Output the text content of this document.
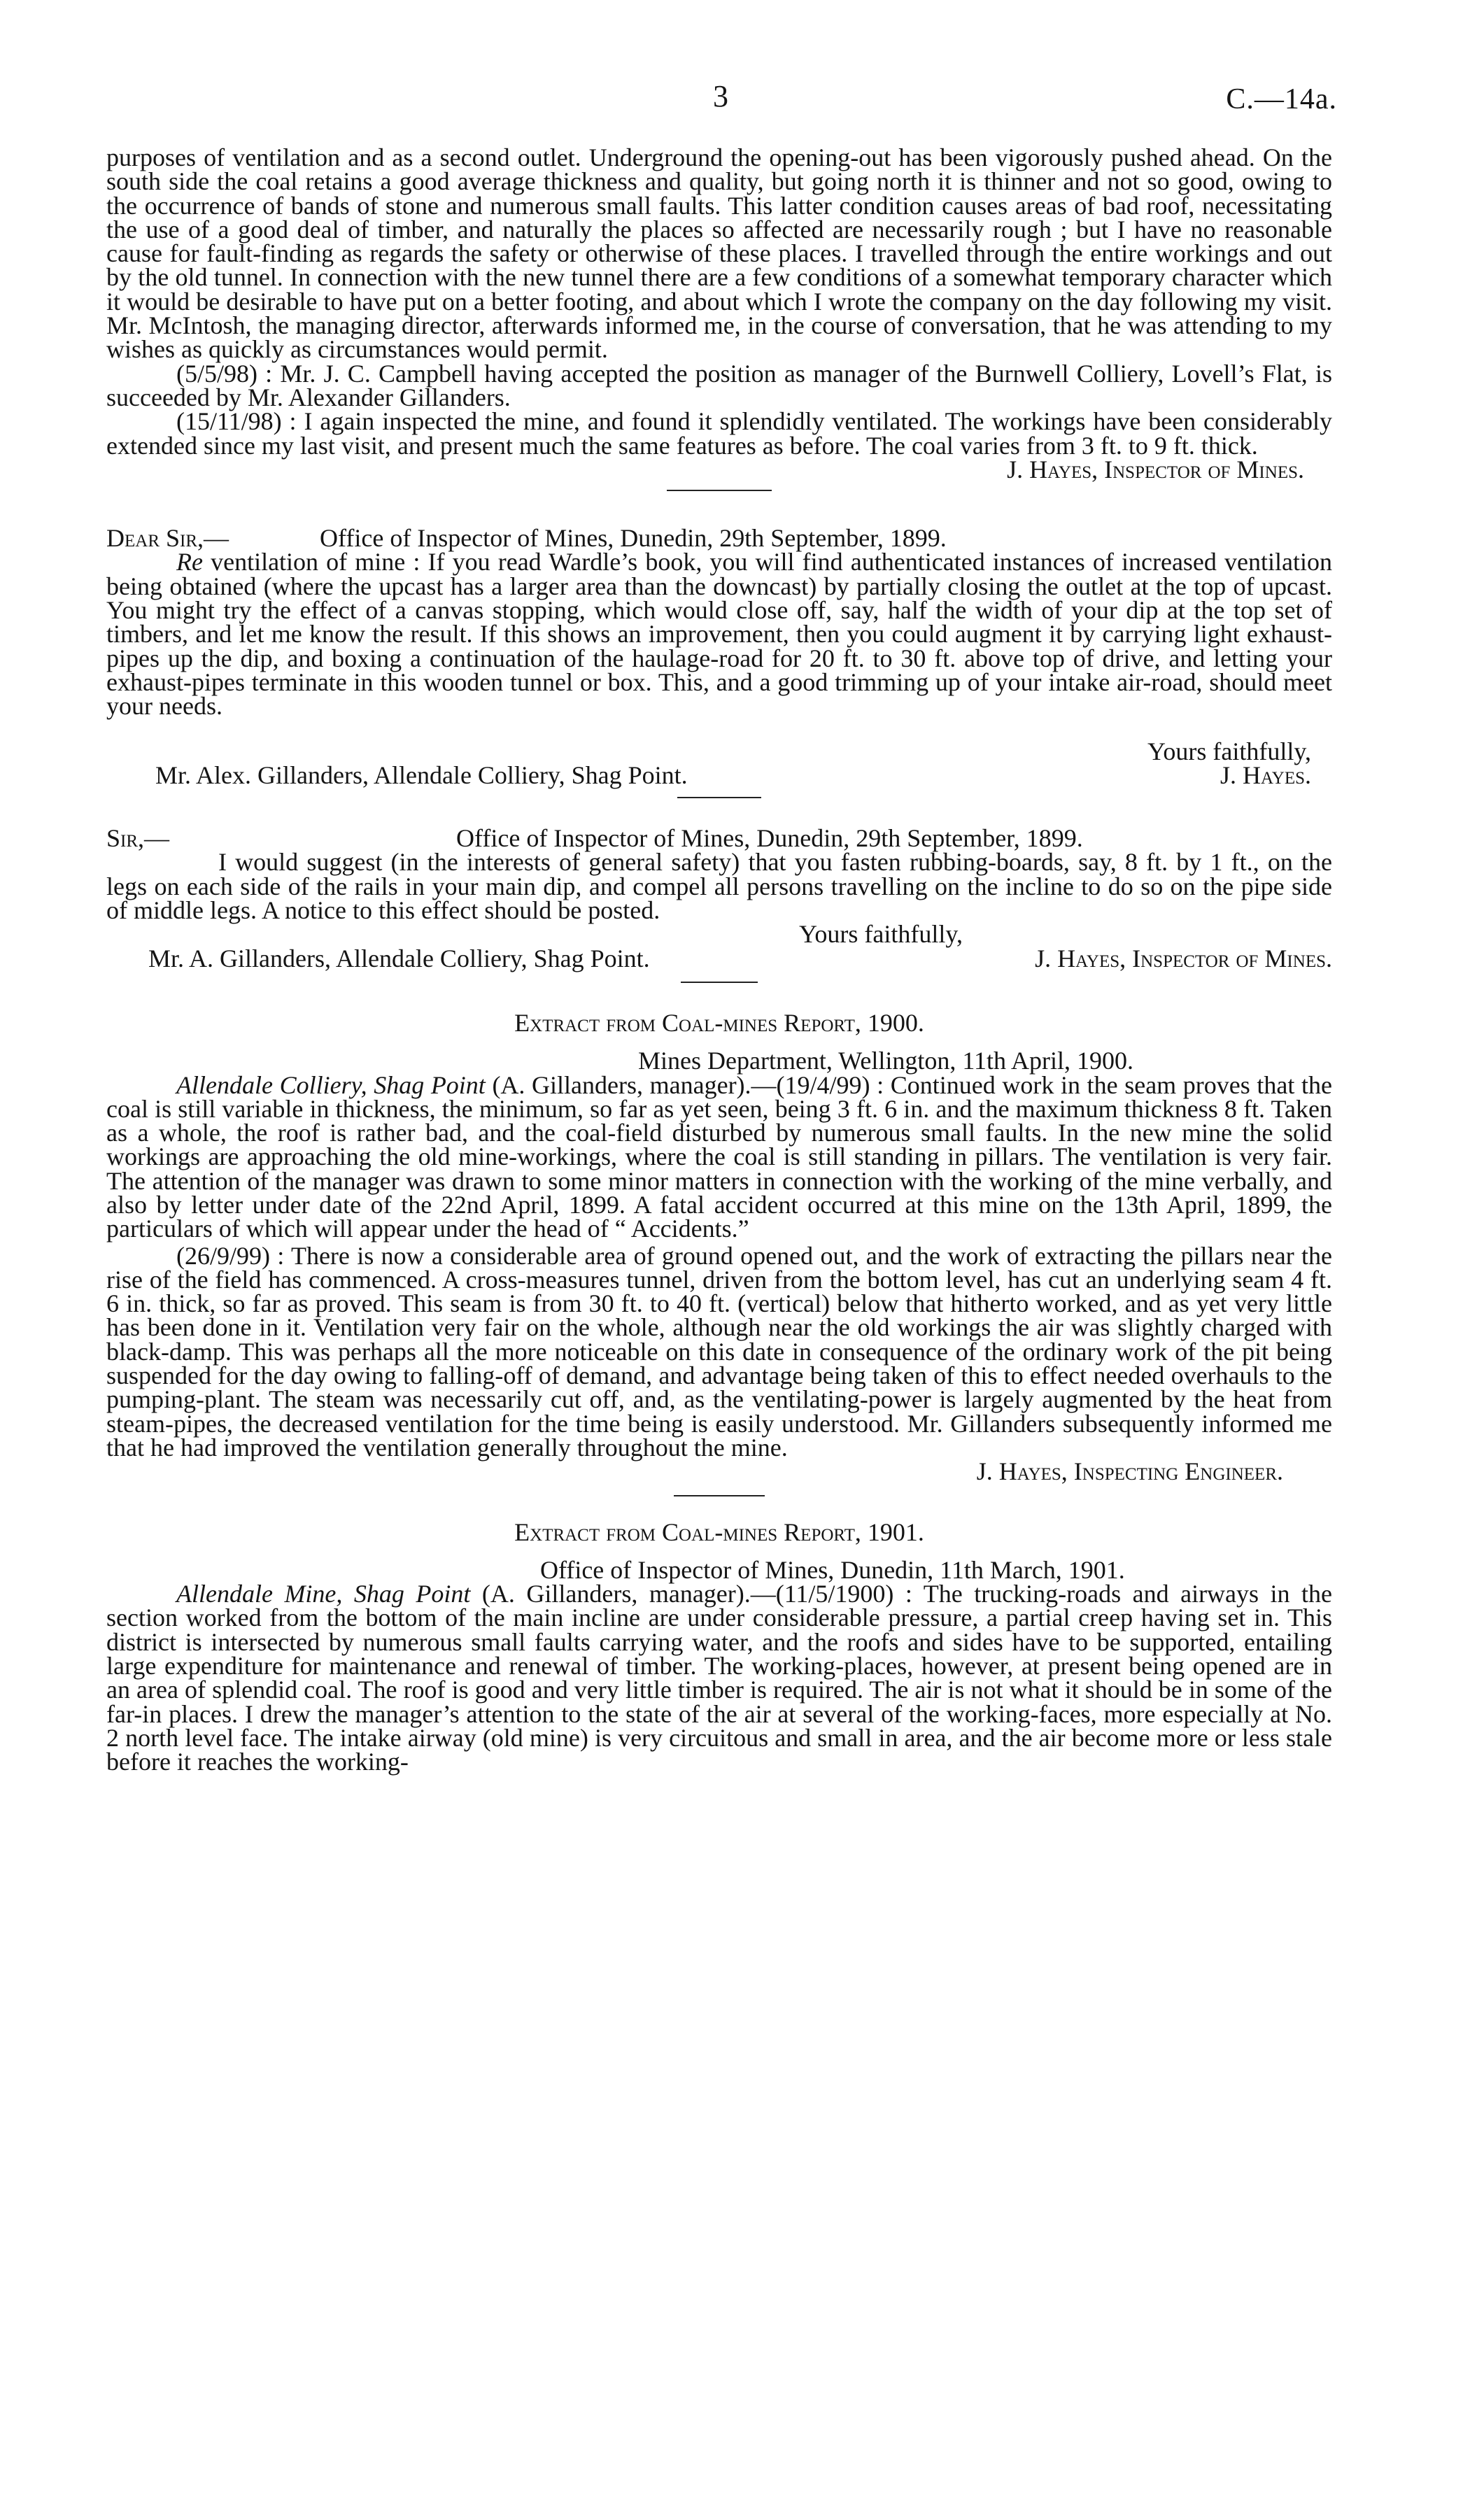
3	C.—14a.

purposes of ventilation and as a second outlet. Underground the opening-out has been vigorously pushed ahead. On the south side the coal retains a good average thickness and quality, but going north it is thinner and not so good, owing to the occurrence of bands of stone and numerous small faults. This latter condition causes areas of bad roof, necessitating the use of a good deal of timber, and naturally the places so affected are necessarily rough ; but I have no reasonable cause for fault-finding as regards the safety or otherwise of these places. I travelled through the entire workings and out by the old tunnel. In connection with the new tunnel there are a few conditions of a somewhat temporary character which it would be desirable to have put on a better footing, and about which I wrote the company on the day following my visit. Mr. McIntosh, the managing director, afterwards informed me, in the course of conversation, that he was attending to my wishes as quickly as circumstances would permit.

(5/5/98) : Mr. J. C. Campbell having accepted the position as manager of the Burnwell Colliery, Lovell’s Flat, is succeeded by Mr. Alexander Gillanders.

(15/11/98) : I again inspected the mine, and found it splendidly ventilated. The workings have been considerably extended since my last visit, and present much the same features as before. The coal varies from 3 ft. to 9 ft. thick.

J. Hayes, Inspector of Mines.
Dear Sir,—	Office of Inspector of Mines, Dunedin, 29th September, 1899.

Re ventilation of mine : If you read Wardle’s book, you will find authenticated instances of increased ventilation being obtained (where the upcast has a larger area than the downcast) by partially closing the outlet at the top of upcast. You might try the effect of a canvas stopping, which would close off, say, half the width of your dip at the top set of timbers, and let me know the result. If this shows an improvement, then you could augment it by carrying light exhaust-pipes up the dip, and boxing a continuation of the haulage-road for 20 ft. to 30 ft. above top of drive, and letting your exhaust-pipes terminate in this wooden tunnel or box. This, and a good trimming up of your intake air-road, should meet your needs.

Yours faithfully,
Mr. Alex. Gillanders, Allendale Colliery, Shag Point.	J. Hayes.
Sir,—	Office of Inspector of Mines, Dunedin, 29th September, 1899.

I would suggest (in the interests of general safety) that you fasten rubbing-boards, say, 8 ft. by 1 ft., on the legs on each side of the rails in your main dip, and compel all persons travelling on the incline to do so on the pipe side of middle legs. A notice to this effect should be posted.

Yours faithfully,
Mr. A. Gillanders, Allendale Colliery, Shag Point.	J. Hayes, Inspector of Mines.
Extract from Coal-mines Report, 1900.
Mines Department, Wellington, 11th April, 1900.

Allendale Colliery, Shag Point (A. Gillanders, manager).—(19/4/99) : Continued work in the seam proves that the coal is still variable in thickness, the minimum, so far as yet seen, being 3 ft. 6 in. and the maximum thickness 8 ft. Taken as a whole, the roof is rather bad, and the coal-field disturbed by numerous small faults. In the new mine the solid workings are approaching the old mine-workings, where the coal is still standing in pillars. The ventilation is very fair. The attention of the manager was drawn to some minor matters in connection with the working of the mine verbally, and also by letter under date of the 22nd April, 1899. A fatal accident occurred at this mine on the 13th April, 1899, the particulars of which will appear under the head of “ Accidents.”

(26/9/99) : There is now a considerable area of ground opened out, and the work of extracting the pillars near the rise of the field has commenced. A cross-measures tunnel, driven from the bottom level, has cut an underlying seam 4 ft. 6 in. thick, so far as proved. This seam is from 30 ft. to 40 ft. (vertical) below that hitherto worked, and as yet very little has been done in it. Ventilation very fair on the whole, although near the old workings the air was slightly charged with black-damp. This was perhaps all the more noticeable on this date in consequence of the ordinary work of the pit being suspended for the day owing to falling-off of demand, and advantage being taken of this to effect needed overhauls to the pumping-plant. The steam was necessarily cut off, and, as the ventilating-power is largely augmented by the heat from steam-pipes, the decreased ventilation for the time being is easily understood. Mr. Gillanders subsequently informed me that he had improved the ventilation generally throughout the mine.

J. Hayes, Inspecting Engineer.
Extract from Coal-mines Report, 1901.
Office of Inspector of Mines, Dunedin, 11th March, 1901.

Allendale Mine, Shag Point (A. Gillanders, manager).—(11/5/1900) : The trucking-roads and airways in the section worked from the bottom of the main incline are under considerable pressure, a partial creep having set in. This district is intersected by numerous small faults carrying water, and the roofs and sides have to be supported, entailing large expenditure for maintenance and renewal of timber. The working-places, however, at present being opened are in an area of splendid coal. The roof is good and very little timber is required. The air is not what it should be in some of the far-in places. I drew the manager’s attention to the state of the air at several of the working-faces, more especially at No. 2 north level face. The intake airway (old mine) is very circuitous and small in area, and the air become more or less stale before it reaches the working-
